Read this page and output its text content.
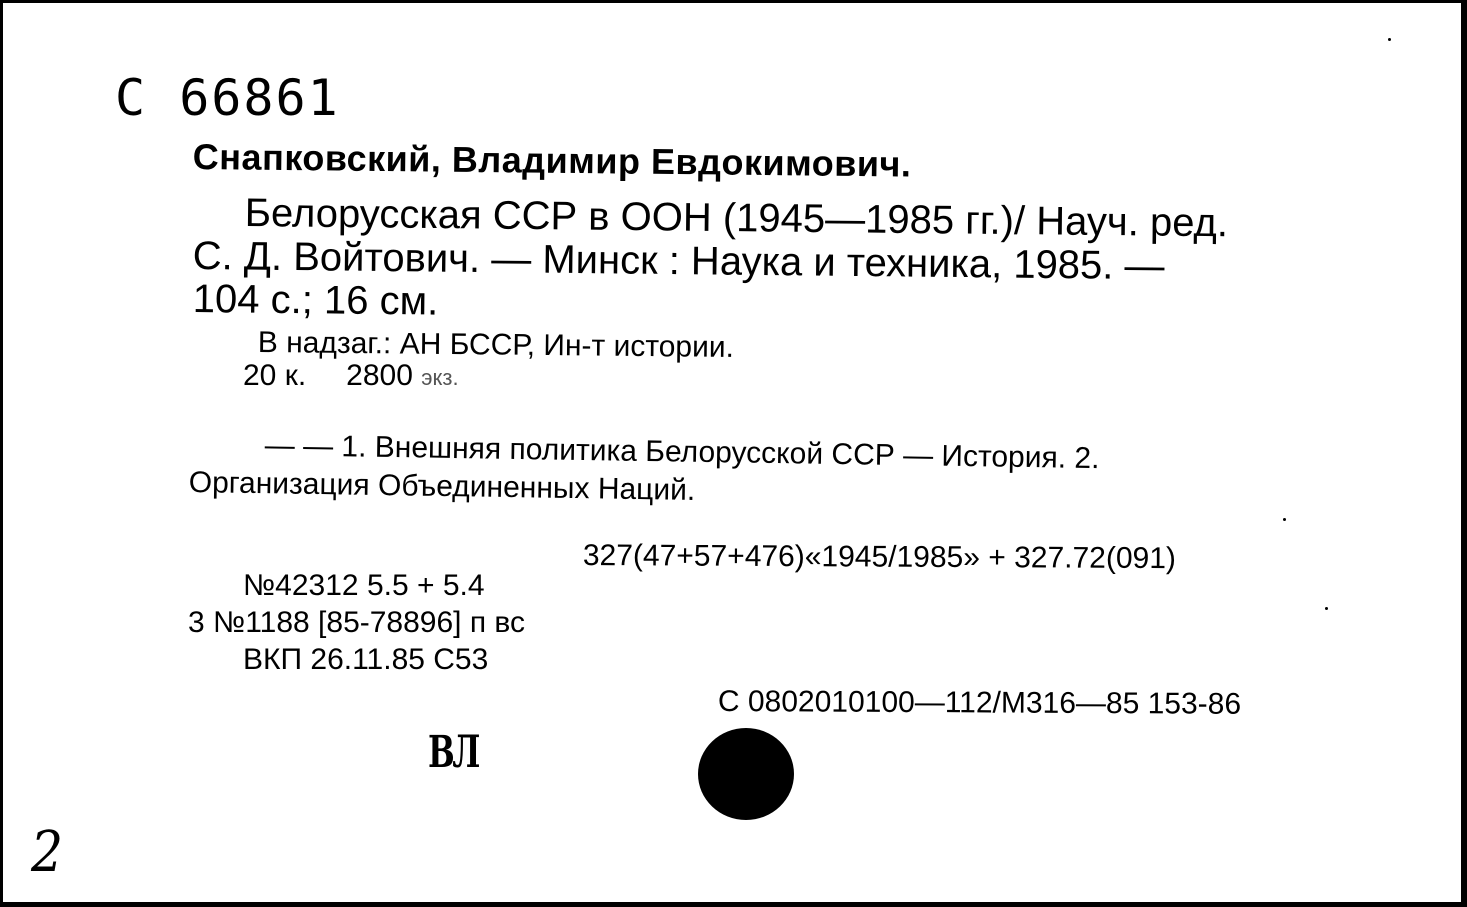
С 66861
Снапковский, Владимир Евдокимович.
Белорусская ССР в ООН (1945—1985 гг.)/ Науч. ред.
С. Д. Войтович. — Минск : Наука и техника, 1985. —
104 с.; 16 см.
В надзаг.: АН БССР, Ин-т истории.
20 к. 2800 экз.
— — 1. Внешняя политика Белорусской ССР — История. 2.
Организация Объединенных Наций.
327(47+57+476)«1945/1985» + 327.72(091)
№42312 5.5 + 5.4
3 №1188 [85-78896] п вс
ВКП 26.11.85 С53
С 0802010100—112/М316—85 153-86
ВЛ
2
